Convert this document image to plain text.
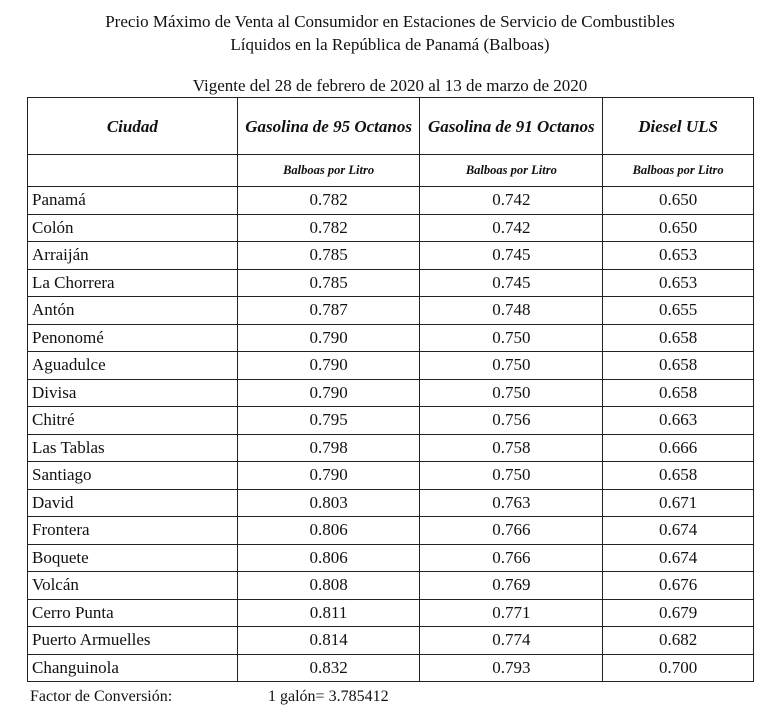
Precio Máximo de Venta al Consumidor en Estaciones de Servicio de Combustibles
Líquidos en la República de Panamá (Balboas)
Vigente del 28 de febrero de 2020 al 13 de marzo de 2020
Ciudad	Gasolina de 95 Octanos	Gasolina de 91 Octanos	Diesel ULS
	Balboas por Litro	Balboas por Litro	Balboas por Litro
Panamá	0.782	0.742	0.650
Colón	0.782	0.742	0.650
Arraiján	0.785	0.745	0.653
La Chorrera	0.785	0.745	0.653
Antón	0.787	0.748	0.655
Penonomé	0.790	0.750	0.658
Aguadulce	0.790	0.750	0.658
Divisa	0.790	0.750	0.658
Chitré	0.795	0.756	0.663
Las Tablas	0.798	0.758	0.666
Santiago	0.790	0.750	0.658
David	0.803	0.763	0.671
Frontera	0.806	0.766	0.674
Boquete	0.806	0.766	0.674
Volcán	0.808	0.769	0.676
Cerro Punta	0.811	0.771	0.679
Puerto Armuelles	0.814	0.774	0.682
Changuinola	0.832	0.793	0.700
Factor de Conversión:	1 galón= 3.785412
